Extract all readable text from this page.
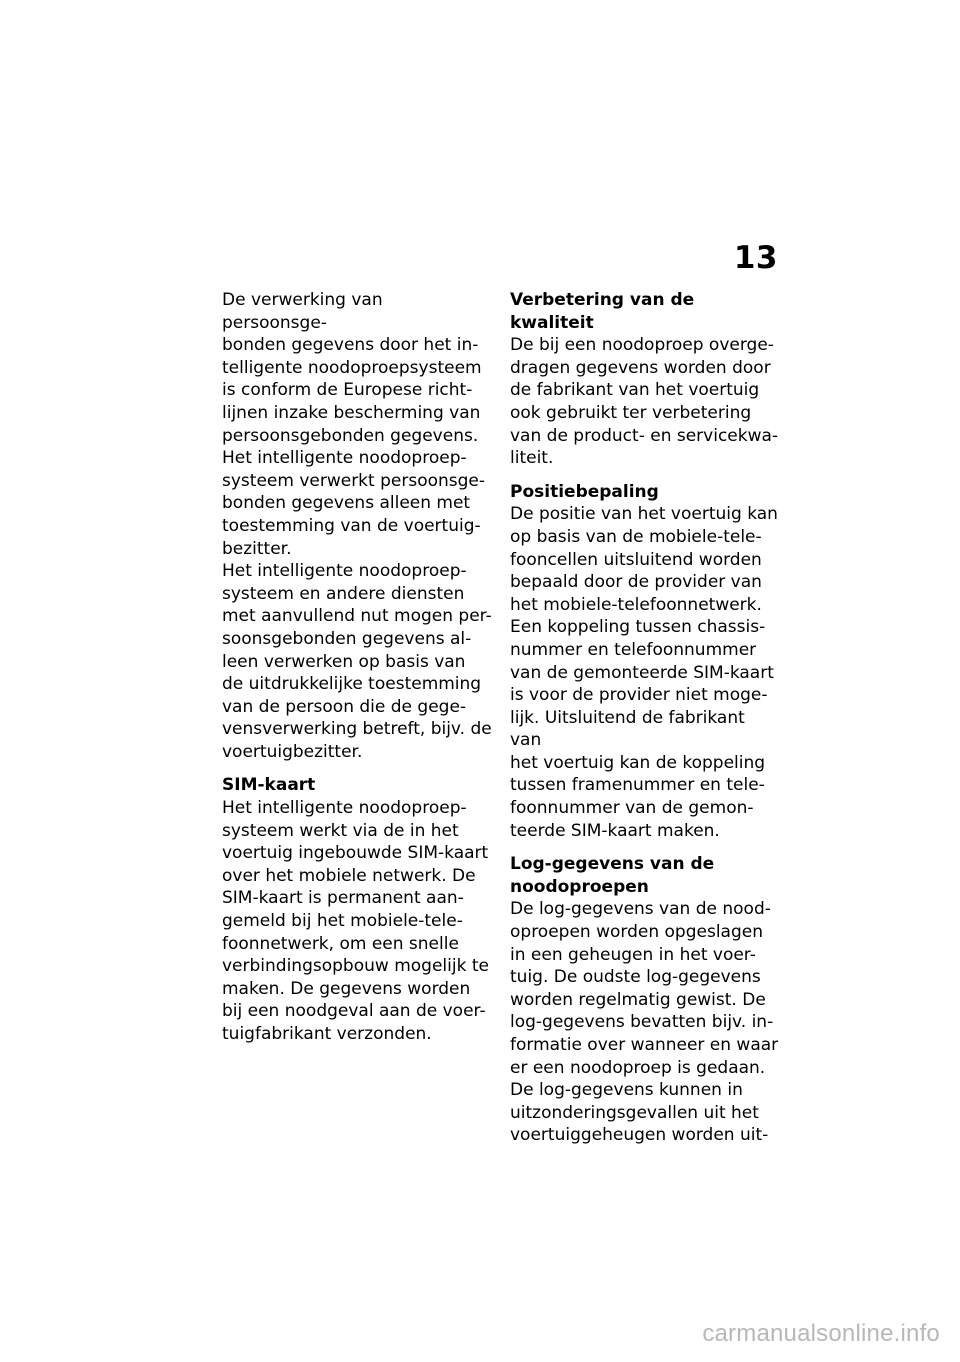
13

De verwerking van persoonsge-
bonden gegevens door het in-
telligente noodoproepsysteem
is conform de Europese richt-
lijnen inzake bescherming van
persoonsgebonden gegevens.

Het intelligente noodoproep-
systeem verwerkt persoonsge-
bonden gegevens alleen met
toestemming van de voertuig-
bezitter.

Het intelligente noodoproep-
systeem en andere diensten
met aanvullend nut mogen per-
soonsgebonden gegevens al-
leen verwerken op basis van
de uitdrukkelijke toestemming
van de persoon die de gege-
vensverwerking betreft, bijv. de
voertuigbezitter.

SIM-kaart

Het intelligente noodoproep-
systeem werkt via de in het
voertuig ingebouwde SIM-kaart
over het mobiele netwerk. De
SIM-kaart is permanent aan-
gemeld bij het mobiele-tele-
foonnetwerk, om een snelle
verbindingsopbouw mogelijk te
maken. De gegevens worden
bij een noodgeval aan de voer-
tuigfabrikant verzonden.

Verbetering van de kwaliteit

De bij een noodoproep overge-
dragen gegevens worden door
de fabrikant van het voertuig
ook gebruikt ter verbetering
van de product- en servicekwa-
liteit.

Positiebepaling

De positie van het voertuig kan
op basis van de mobiele-tele-
fooncellen uitsluitend worden
bepaald door de provider van
het mobiele-telefoonnetwerk.
Een koppeling tussen chassis-
nummer en telefoonnummer
van de gemonteerde SIM-kaart
is voor de provider niet moge-
lijk. Uitsluitend de fabrikant van
het voertuig kan de koppeling
tussen framenummer en tele-
foonnummer van de gemon-
teerde SIM-kaart maken.

Log-gegevens van de
noodoproepen

De log-gegevens van de nood-
oproepen worden opgeslagen
in een geheugen in het voer-
tuig. De oudste log-gegevens
worden regelmatig gewist. De
log-gegevens bevatten bijv. in-
formatie over wanneer en waar
er een noodoproep is gedaan.
De log-gegevens kunnen in
uitzonderingsgevallen uit het
voertuiggeheugen worden uit-

carmanualsonline.info
